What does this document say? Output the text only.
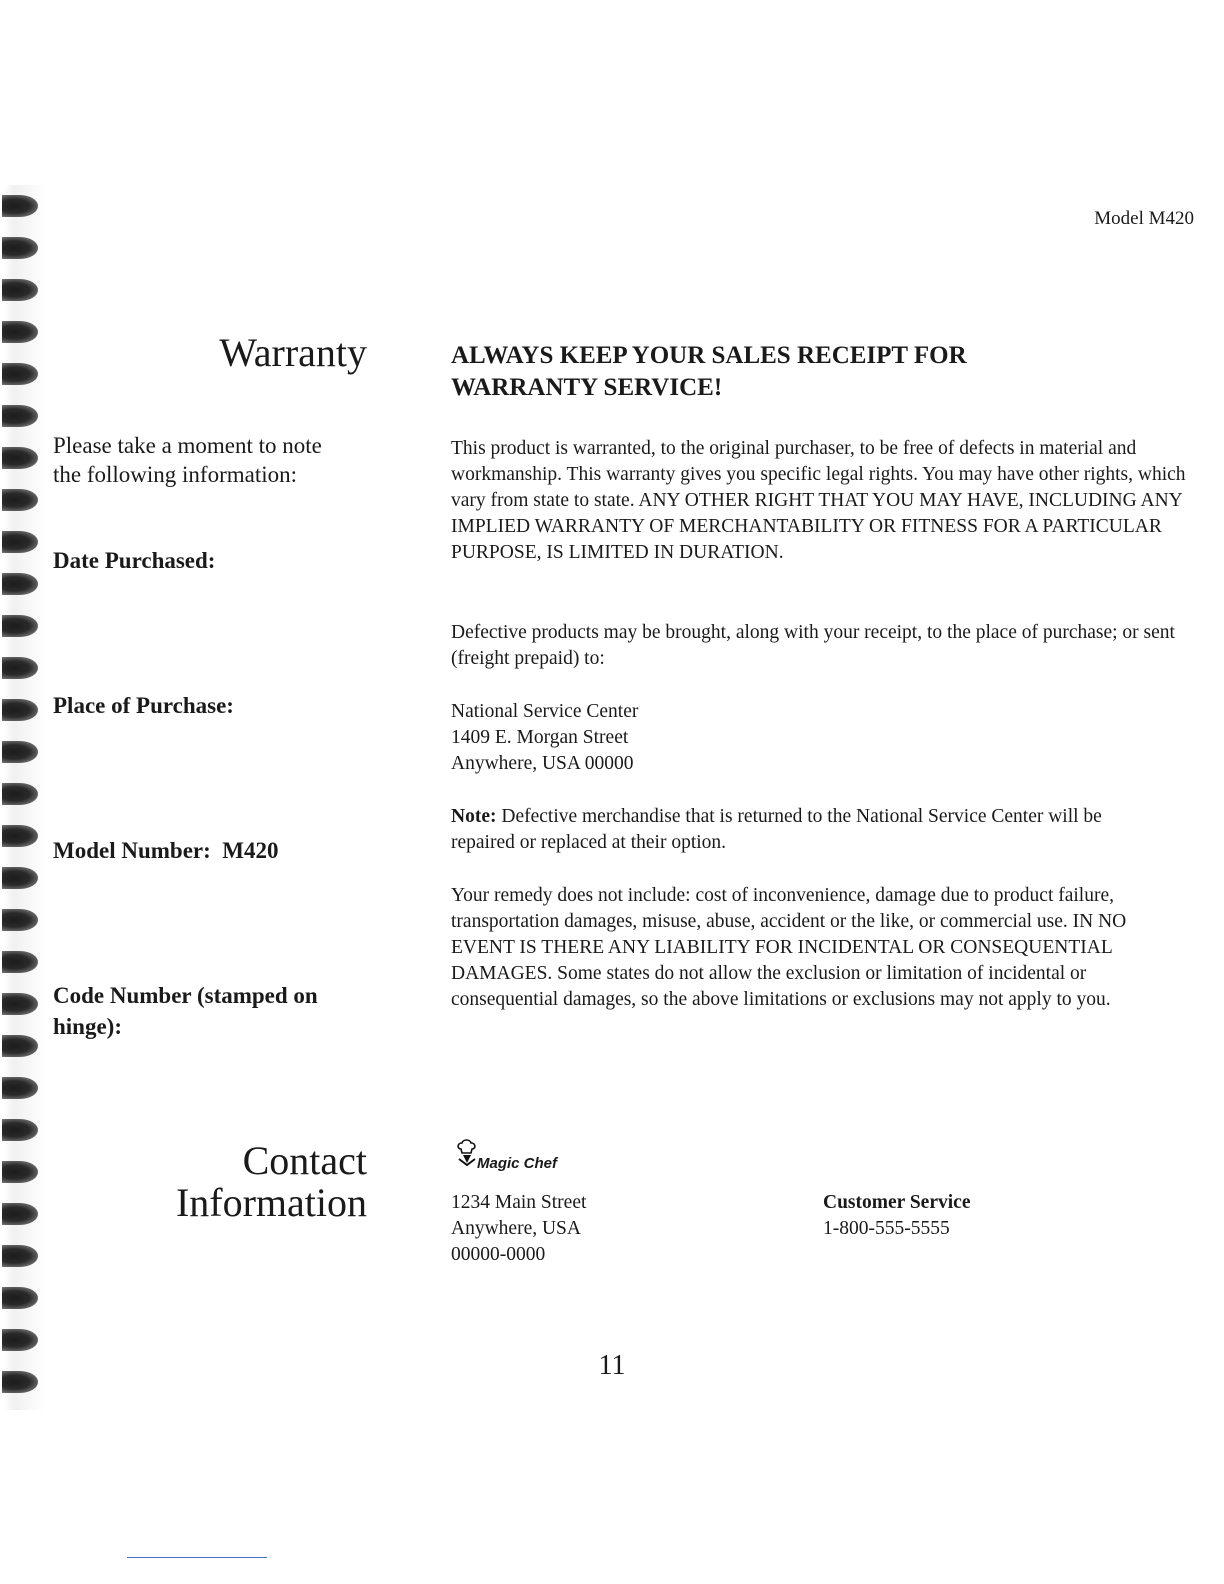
Model M420
Warranty
Please take a moment to note the following information:
Date Purchased:
Place of Purchase:
Model Number:  M420
Code Number (stamped on hinge):
ALWAYS KEEP YOUR SALES RECEIPT FOR WARRANTY SERVICE!
This product is warranted, to the original purchaser, to be free of defects in material and workmanship. This warranty gives you specific legal rights. You may have other rights, which vary from state to state. ANY OTHER RIGHT THAT YOU MAY HAVE, INCLUDING ANY IMPLIED WARRANTY OF MERCHANTABILITY OR FITNESS FOR A PARTICULAR PURPOSE, IS LIMITED IN DURATION.
Defective products may be brought, along with your receipt, to the place of purchase; or sent (freight prepaid) to:
National Service Center
1409 E. Morgan Street
Anywhere, USA 00000
Note: Defective merchandise that is returned to the National Service Center will be repaired or replaced at their option.
Your remedy does not include: cost of inconvenience, damage due to product failure, transportation damages, misuse, abuse, accident or the like, or commercial use. IN NO EVENT IS THERE ANY LIABILITY FOR INCIDENTAL OR CONSEQUENTIAL DAMAGES. Some states do not allow the exclusion or limitation of incidental or consequential damages, so the above limitations or exclusions may not apply to you.
Contact
Information
Magic Chef
1234 Main Street
Anywhere, USA
00000-0000
Customer Service
1-800-555-5555
11
